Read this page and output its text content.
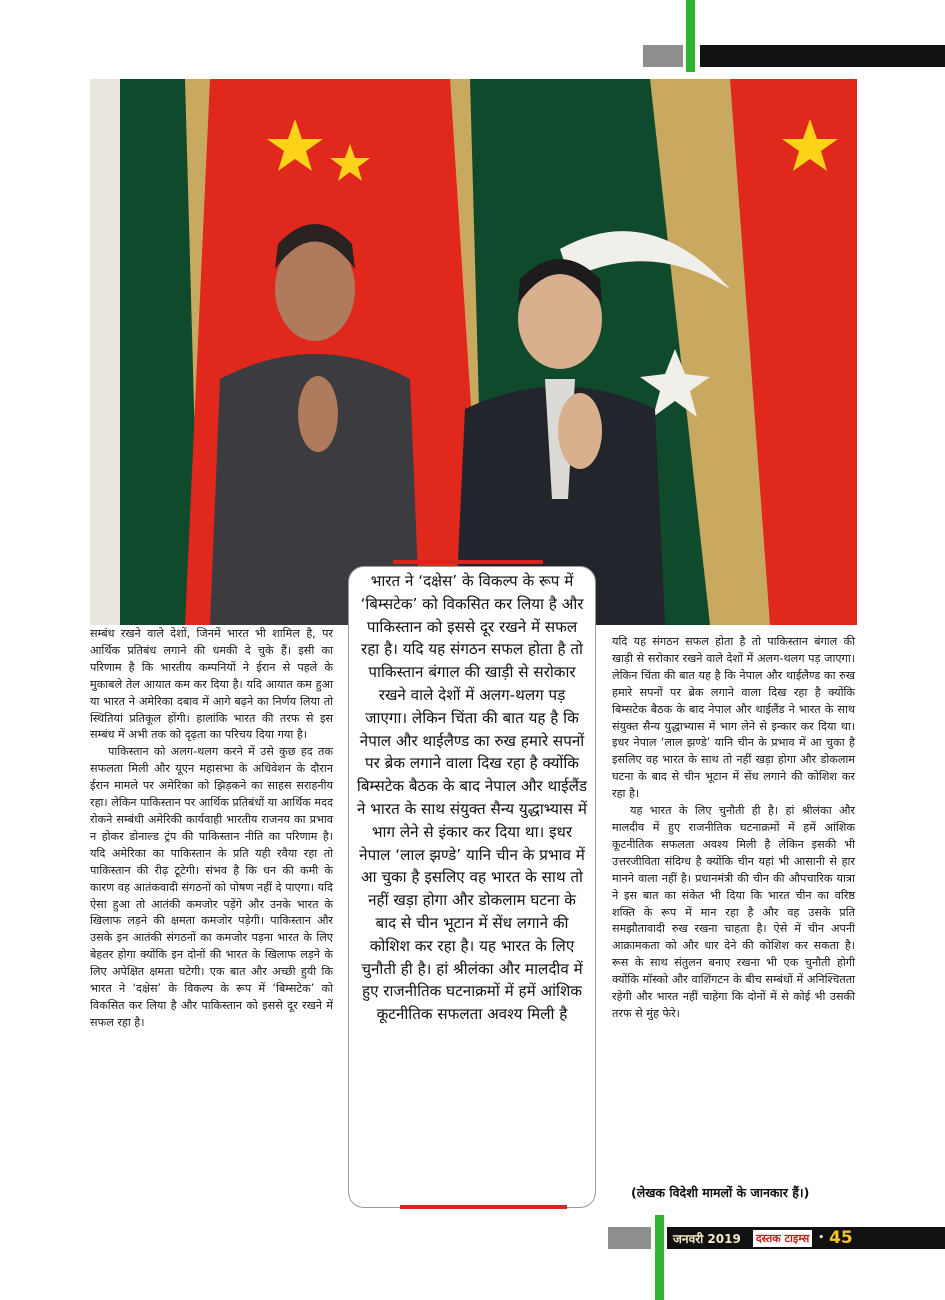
सम्बंध रखने वाले देशों, जिनमें भारत भी शामिल है, पर आर्थिक प्रतिबंध लगाने की धमकी दे चुके हैं। इसी का परिणाम है कि भारतीय कम्पनियों ने ईरान से पहले के मुकाबले तेल आयात कम कर दिया है। यदि आयात कम हुआ या भारत ने अमेरिका दबाव में आगे बढ़ने का निर्णय लिया तो स्थितियां प्रतिकूल होंगी। हालांकि भारत की तरफ से इस सम्बंध में अभी तक को दृढ़ता का परिचय दिया गया है।

पाकिस्तान को अलग-थलग करने में उसे कुछ हद तक सफलता मिली और यूएन महासभा के अधिवेशन के दौरान ईरान मामले पर अमेरिका को झिड़कने का साहस सराहनीय रहा। लेकिन पाकिस्तान पर आर्थिक प्रतिबंधों या आर्थिक मदद रोकने सम्बंधी अमेरिकी कार्यवाही भारतीय राजनय का प्रभाव न होकर डोनाल्ड ट्रंप की पाकिस्तान नीति का परिणाम है। यदि अमेरिका का पाकिस्तान के प्रति यही रवैया रहा तो पाकिस्तान की रीढ़ टूटेगी। संभव है कि धन की कमी के कारण वह आतंकवादी संगठनों को पोषण नहीं दे पाएगा। यदि ऐसा हुआ तो आतंकी कमजोर पड़ेंगे और उनके भारत के खिलाफ लड़ने की क्षमता कमजोर पड़ेगी। पाकिस्तान और उसके इन आतंकी संगठनों का कमजोर पड़ना भारत के लिए बेहतर होगा क्योंकि इन दोनों की भारत के खिलाफ लड़ने के लिए अपेक्षित क्षमता घटेगी। एक बात और अच्छी हुयी कि भारत ने ‘दक्षेस’ के विकल्प के रूप में ‘बिम्सटेक’ को विकसित कर लिया है और पाकिस्तान को इससे दूर रखने में सफल रहा है।

भारत ने ‘दक्षेस’ के विकल्प के रूप में ‘बिम्सटेक’ को विकसित कर लिया है और पाकिस्तान को इससे दूर रखने में सफल रहा है। यदि यह संगठन सफल होता है तो पाकिस्तान बंगाल की खाड़ी से सरोकार रखने वाले देशों में अलग-थलग पड़ जाएगा। लेकिन चिंता की बात यह है कि नेपाल और थाईलैण्ड का रुख हमारे सपनों पर ब्रेक लगाने वाला दिख रहा है क्योंकि बिम्सटेक बैठक के बाद नेपाल और थाईलैंड ने भारत के साथ संयुक्त सैन्य युद्धाभ्यास में भाग लेने से इंकार कर दिया था। इधर नेपाल ‘लाल झण्डे’ यानि चीन के प्रभाव में आ चुका है इसलिए वह भारत के साथ तो नहीं खड़ा होगा और डोकलाम घटना के बाद से चीन भूटान में सेंध लगाने की कोशिश कर रहा है। यह भारत के लिए चुनौती ही है। हां श्रीलंका और मालदीव में हुए राजनीतिक घटनाक्रमों में हमें आंशिक कूटनीतिक सफलता अवश्य मिली है

यदि यह संगठन सफल होता है तो पाकिस्तान बंगाल की खाड़ी से सरोकार रखने वाले देशों में अलग-थलग पड़ जाएगा। लेकिन चिंता की बात यह है कि नेपाल और थाईलैण्ड का रुख हमारे सपनों पर ब्रेक लगाने वाला दिख रहा है क्योंकि बिम्सटेक बैठक के बाद नेपाल और थाईलैंड ने भारत के साथ संयुक्त सैन्य युद्धाभ्यास में भाग लेने से इन्कार कर दिया था। इधर नेपाल ‘लाल झण्डे’ यानि चीन के प्रभाव में आ चुका है इसलिए वह भारत के साथ तो नहीं खड़ा होगा और डोकलाम घटना के बाद से चीन भूटान में सेंध लगाने की कोशिश कर रहा है।

यह भारत के लिए चुनौती ही है। हां श्रीलंका और मालदीव में हुए राजनीतिक घटनाक्रमों में हमें आंशिक कूटनीतिक सफलता अवश्य मिली है लेकिन इसकी भी उत्तरजीविता संदिग्ध है क्योंकि चीन यहां भी आसानी से हार मानने वाला नहीं है। प्रधानमंत्री की चीन की औपचारिक यात्रा ने इस बात का संकेत भी दिया कि भारत चीन का वरिष्ठ शक्ति के रूप में मान रहा है और वह उसके प्रति समझौतावादी रुख रखना चाहता है। ऐसे में चीन अपनी आक्रामकता को और धार देने की कोशिश कर सकता है। रूस के साथ संतुलन बनाए रखना भी एक चुनौती होगी क्योंकि मॉस्को और वाशिंगटन के बीच सम्बंधों में अनिश्चितता रहेगी और भारत नहीं चाहेगा कि दोनों में से कोई भी उसकी तरफ से मुंह फेरे।

(लेखक विदेशी मामलों के जानकार हैं।)
जनवरी 2019 दस्तक टाइम्स	• 45
